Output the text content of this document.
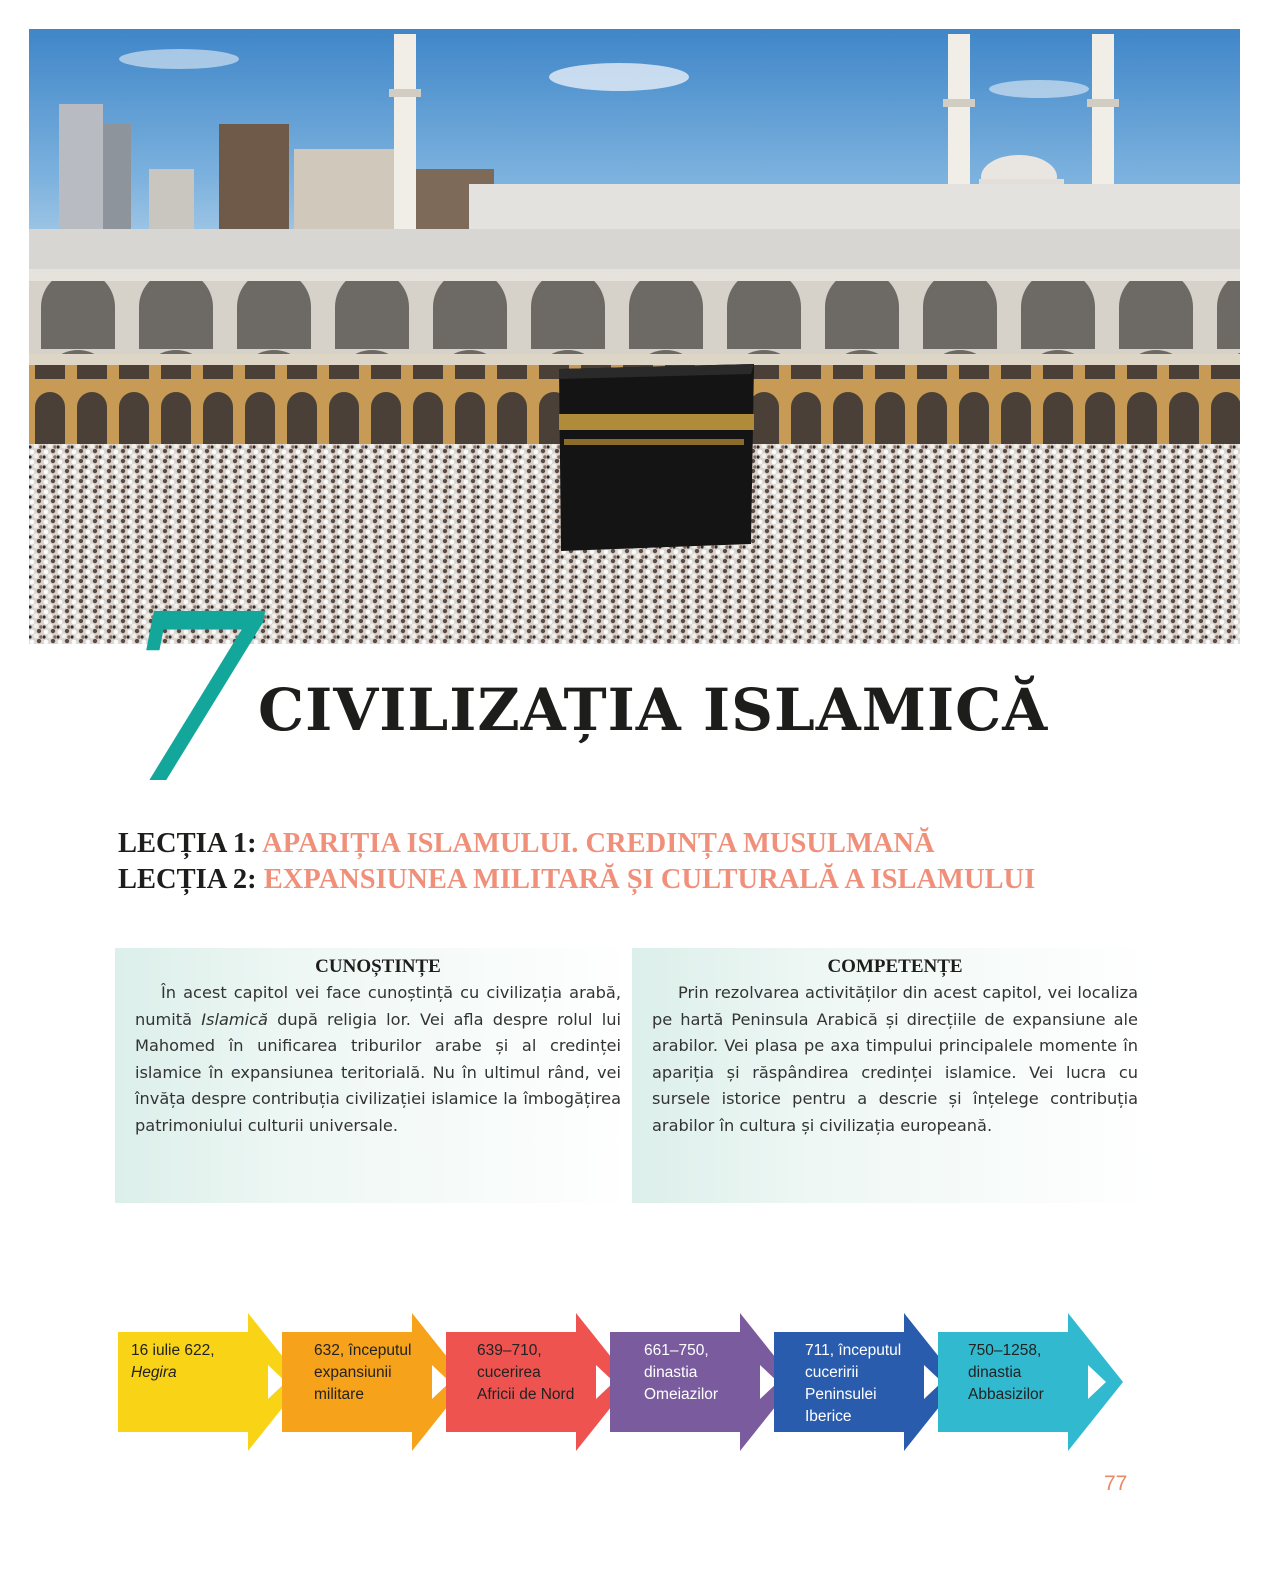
7
CIVILIZAȚIA ISLAMICĂ
LECȚIA 1: APARIȚIA ISLAMULUI. CREDINȚA MUSULMANĂ
LECȚIA 2: EXPANSIUNEA MILITARĂ ȘI CULTURALĂ A ISLAMULUI
CUNOȘTINȚE

În acest capitol vei face cunoștință cu civilizația arabă, numită Islamică după religia lor. Vei afla despre rolul lui Mahomed în unificarea triburilor arabe și al credinței islamice în expansiunea teritorială. Nu în ultimul rând, vei învăța despre contribuția civilizației islamice la îmbogățirea patrimoniului culturii universale.

COMPETENȚE

Prin rezolvarea activităților din acest capitol, vei localiza pe hartă Peninsula Arabică și direcțiile de expansiune ale arabilor. Vei plasa pe axa timpului principalele momente în apariția și răspândirea credinței islamice. Vei lucra cu sursele istorice pentru a descrie și înțelege contribuția arabilor în cultura și civilizația europeană.

16 iulie 622,
Hegira
632, începutul expansiunii militare
639–710, cucerirea Africii de Nord
661–750, dinastia Omeiazilor
711, începutul cuceririi Peninsulei Iberice
750–1258, dinastia Abbasizilor
77
